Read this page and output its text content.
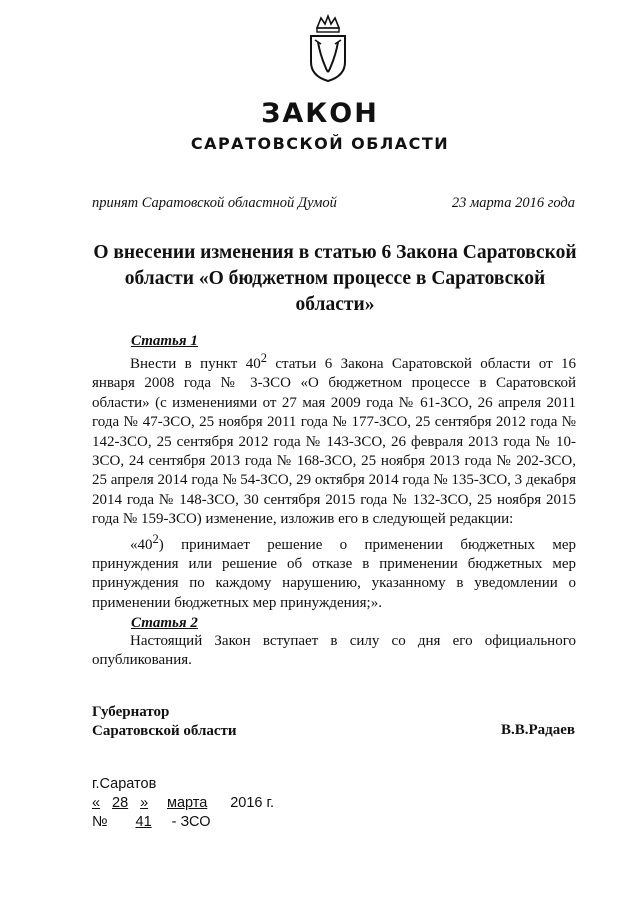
ЗАКОН
САРАТОВСКОЙ ОБЛАСТИ
принят Саратовской областной Думой	23 марта 2016 года
О внесении изменения в статью 6 Закона Саратовской области «О бюджетном процессе в Саратовской области»
Статья 1

Внести в пункт $40^2$ статьи 6 Закона Саратовской области от 16 января 2008 года № 3-ЗСО «О бюджетном процессе в Саратовской области» (с изменениями от 27 мая 2009 года № 61-ЗСО, 26 апреля 2011 года № 47-ЗСО, 25 ноября 2011 года № 177-ЗСО, 25 сентября 2012 года № 142-ЗСО, 25 сентября 2012 года № 143-ЗСО, 26 февраля 2013 года № 10-ЗСО, 24 сентября 2013 года № 168-ЗСО, 25 ноября 2013 года № 202-ЗСО, 25 апреля 2014 года № 54-ЗСО, 29 октября 2014 года № 135-ЗСО, 3 декабря 2014 года № 148-ЗСО, 30 сентября 2015 года № 132-ЗСО, 25 ноября 2015 года № 159-ЗСО) изменение, изложив его в следующей редакции:

«$40^2$) принимает решение о применении бюджетных мер принуждения или решение об отказе в применении бюджетных мер принуждения по каждому нарушению, указанному в уведомлении о применении бюджетных мер принуждения;».

Статья 2

Настоящий Закон вступает в силу со дня его официального опубликования.

Губернатор
Саратовской области	В.В.Радаев
г.Саратов
« 28 » марта 2016 г.
№ 41 - ЗСО
